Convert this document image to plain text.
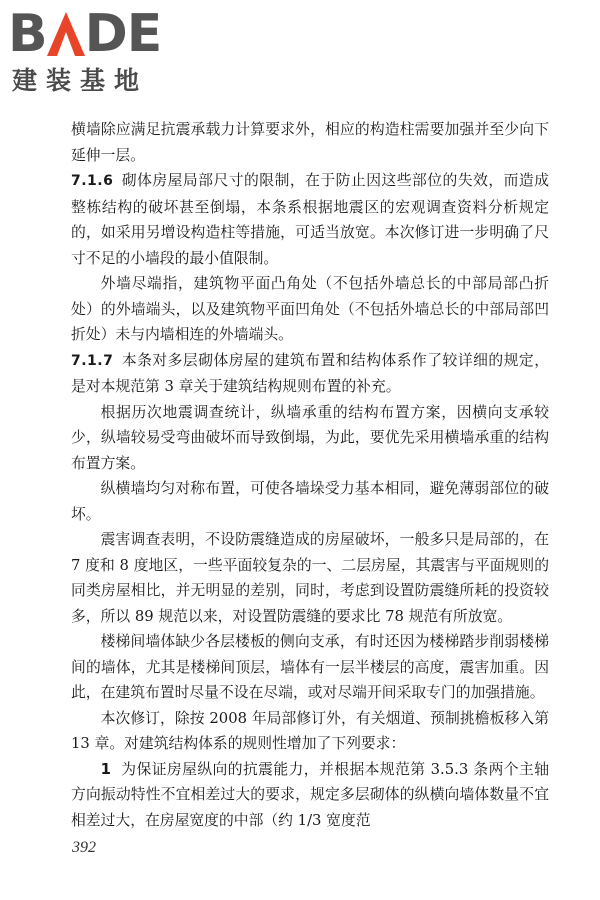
B DE
建装基地

横墙除应满足抗震承载力计算要求外，相应的构造柱需要加强并至少向下延伸一层。

7.1.6 砌体房屋局部尺寸的限制，在于防止因这些部位的失效，而造成整栋结构的破坏甚至倒塌，本条系根据地震区的宏观调查资料分析规定的，如采用另增设构造柱等措施，可适当放宽。本次修订进一步明确了尺寸不足的小墙段的最小值限制。

外墙尽端指，建筑物平面凸角处（不包括外墙总长的中部局部凸折处）的外墙端头，以及建筑物平面凹角处（不包括外墙总长的中部局部凹折处）未与内墙相连的外墙端头。

7.1.7 本条对多层砌体房屋的建筑布置和结构体系作了较详细的规定，是对本规范第 3 章关于建筑结构规则布置的补充。

根据历次地震调查统计，纵墙承重的结构布置方案，因横向支承较少，纵墙较易受弯曲破坏而导致倒塌，为此，要优先采用横墙承重的结构布置方案。

纵横墙均匀对称布置，可使各墙垛受力基本相同，避免薄弱部位的破坏。

震害调查表明，不设防震缝造成的房屋破坏，一般多只是局部的，在 7 度和 8 度地区，一些平面较复杂的一、二层房屋，其震害与平面规则的同类房屋相比，并无明显的差别，同时，考虑到设置防震缝所耗的投资较多，所以 89 规范以来，对设置防震缝的要求比 78 规范有所放宽。

楼梯间墙体缺少各层楼板的侧向支承，有时还因为楼梯踏步削弱楼梯间的墙体，尤其是楼梯间顶层，墙体有一层半楼层的高度，震害加重。因此，在建筑布置时尽量不设在尽端，或对尽端开间采取专门的加强措施。

本次修订，除按 2008 年局部修订外，有关烟道、预制挑檐板移入第 13 章。对建筑结构体系的规则性增加了下列要求：

1 为保证房屋纵向的抗震能力，并根据本规范第 3.5.3 条两个主轴方向振动特性不宜相差过大的要求，规定多层砌体的纵横向墙体数量不宜相差过大，在房屋宽度的中部（约 1/3 宽度范

392
